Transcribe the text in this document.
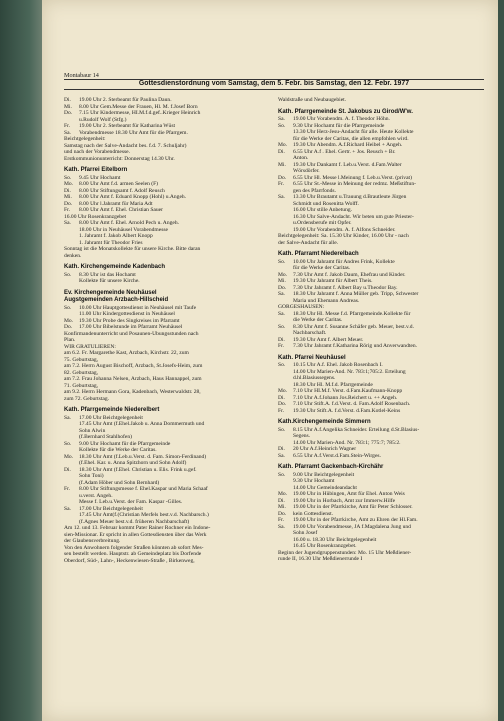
Montabaur 14
Gottesdienstordnung vom Samstag, dem 5. Febr. bis Samstag, den 12. Febr. 1977
Di.	19.00 Uhr 2. Sterbeamt für Paulina Daun.
Mi.	8.00 Uhr Gem.Messe der Frauen, Hl. M. f.Josef Born
Do.	7.15 Uhr Kindermesse, HI.M.f.d.gef..Krieger Heinrich
u.Rudolf Wolf (Stfg.)
Fr.	19.00 Uhr 2. Sterbeamt für Katharina Wüst
Sa.	Vorabendmesse 18.30 Uhr Amt für die Pfarrgem.
Beichtgelegenheit:
Samstag nach der Salve-Andacht bes. f.d. 7. Schuljahr)
und nach der Vorabendmesse.
Erstkommunionunterricht: Donnerstag 14.30 Uhr.
Kath. Pfarrei Eitelborn
So.	9.45 Uhr Hochamt
Mo.	8.00 Uhr Amt f.d. armen Seelen (F)
Di.	8.00 Uhr Stiftungsamt f. Adolf Reusch
Mi.	8.00 Uhr Amt f. Eduard Knopp (Hohl) u.Angeh.
Do.	8.00 Uhr l.Jahramt für Maria Adt
Fr.	8.00 Uhr Amt f. Ehel. Christian Sauer
16.00 Uhr Rosenkranzgebet
Sa.	8.00 Uhr Amt f. Ehel. Arnold Pech u. Angeh.
18.00 Uhr in Neuhäusel Vorabendmesse
1. Jahramt f. Jakob Albert Knopp
1. Jahramt für Theodor Fries
Sonntag ist die Monatskollekte für unsere Kirche. Bitte daran
denken.
Kath. Kirchengemeinde Kadenbach
So.	8.30 Uhr ist das Hochamt
Kollekte für unsere Kirche.
Ev. Kirchengemeinde Neuhäusel
Augstgemeinden Arzbach-Hillscheid
So.	10.00 Uhr Hauptgottesdienst in Neuhäusel mit Taufe
11.00 Uhr Kindergottesdienst in Neuhäusel
Mo.	19.30 Uhr Probe des Singkreises im Pfarramt
Do.	17.00 Uhr Bibelstunde im Pfarramt Neuhäusel
Konfirmandenunterricht und Posaunen-Übungsstunden nach
Plan.
WIR GRATULIEREN:
am 6.2. Fr. Margarethe Kast, Arzbach, Kirchstr. 22, zum
75. Geburtstag,
am 7.2. Herrn August Bischoff, Arzbach, St.Josefs-Heim, zum
82. Geburtstag,
am 7.2. Frau Johanna Nelsen, Arzbach, Haus Hannappel, zum
71. Geburtstag,
am 9.2. Herrn Hermann Gora, Kadenbach, Westerwaldstr. 28,
zum 72. Geburtstag.
Kath. Pfarrgemeinde Niederelbert
Sa.	17.00 Uhr Beichtgelegenheit
17.45 Uhr Amt (f.Ehel.Jakob u. Anna Dommermuth und
Sohn Alwin
(f.Bernhard Stahlhofen)
So.	9.00 Uhr Hochamt für die Pfarrgemeinde
Kollekte für die Werke der Caritas.
Mo.	18.30 Uhr Amt (f.Leb.u.Verst. d. Fam. Simon-Ferdinand)
(f.Ehel. Kar. u. Anna Spitzhorn und Sohn Adolf)
Di.	18.30 Uhr Amt (f.Ehel. Christian u. Elis. Frink u.gef.
Sohn Toni)
(f.Adam Höber und Sohn Bernhard)
Fr.	8.00 Uhr Stiftungsmesse f. Ehel.Kaspar und Maria Schaaf
u.verst. Angeh.
Messe f. Leb.u.Verst. der Fam. Kaspar -Gilles.
Sa.	17.00 Uhr Beichtgelegenheit
17.45 Uhr Amt(f.(Christian Merfels best.v.d. Nachbarsch.)
(f.Agnes Meuer best.v.d. früheren Nachbarschaft)
Am 12. und 13. Februar kommt Pater Rainer Rochner ein Indone-
sien-Missionar. Er spricht in allen Gottesdiensten über das Werk
der Glaubensverbreitung.
Von den Anwohnern folgender Straßen könnten ab sofort Mes-
sen bestellt werden. Hauptstr. ab Gemeindeplatz bis Dorfende
Oberdorf, Süd-, Lahn-, Heckenwiesen-Straße , Birkenweg,
Waldstraße und Neubaugebiet.
Kath. Pfarrgemeinde St. Jakobus zu Girod/W'w.
Sa.	19.00 Uhr Vorabendm. A. f. Theodor Höhn.
So.	9.30 Uhr Hochamt für die Pfarrgemeinde
13.30 Uhr Herz-Jesu-Andacht für alle. Heute Kollekte
für die Werke der Caritas, die allen empfohlen wird.
Mo.	19.30 Uhr Abendm. A.f.Richard Heibel + Angeh.
Di.	6.55 Uhr A.f . Ehel. Gertr. + Jos. Reusch + Br.
Anton.
Mi.	19.30 Uhr Dankamt f. Leb.u.Verst. d.Fam.Walter
Wörsdörfer.
Do.	6.55 Uhr Hl. Messe l.Meinung f. Leb.u.Verst. (privat)
Fr.	6.55 Uhr St.-Messe in Meinung der redmz. Meßstiftun-
gen des Pfarrfonds.
Sa.	13.30 Uhr Brautamt u.Trauung d.Brautleute Jürgen
Schmidt und Rosenitta Wolff.
16.00 Uhr stille Anbetung.
16.30 Uhr Salve-Andacht. Wir beten um gute Priester-
u.Ordensberufe mit Opfer.
19.00 Uhr Vorabendm. A. f. Alfons Schneider.
Beichtgelegenheit: Sa. 15.30 Uhr Kinder, 16.00 Uhr - nach
der Salve-Andacht für alle.
Kath. Pfarramt Niederelbach
So.	10.00 Uhr Jahramt für Andres Frink, Kollekte
für die Werke der Caritas.
Mo.	7.30 Uhr Amt f. Jakob Daum, Ehefrau und Kinder.
Mi.	19.30 Uhr Jahramt für Albert Theis.
Do.	7.30 Uhr Jahramt f. Albert Bay u.Theodor Bay.
Sa.	18.30 Uhr Jahramt f. Anna Müller geb. Tripp, Schwester
Maria und Ehemann Andreas.
GÖRGESHAUSEN:
Sa.	18.30 Uhr Hl. Messe f.d. Pfarrgemeinde.Kollekte für
die Werke der Caritas.
So.	8.30 Uhr Amt f. Susanne Schäfer geb. Meuer, best.v.d.
Nachbarschaft.
Di.	19.30 Uhr Amt f. Albert Meuer.
Fr.	7.30 Uhr Jahramt f.Katharina Rörig und Anverwandten.
Kath. Pfarrei Neuhäusel
So.	10.15 Uhr A.f. Ehel. Jakob Rosenbach I.
14.00 Uhr Marien-And. Nr. 783:1;705:2. Erteilung
d.hl.Blasiussegens.
18.30 Uhr Hl. M.f.d. Pfarrgemeinde
Mo.	7.10 Uhr HI.M.f. Verst. d.Fam.Kaufmann-Knopp
Di.	7.10 Uhr A.f.Johann Jos.Reichert u. ++ Angeh.
Do.	7.10 Uhr Stift.A. f.d.Verst. d. Fam.Adolf Rosenbach.
Fr.	19.30 Uhr Stift.A. f.d.Verst. d.Fam.Kotlel-Keins
Kath.Kirchengemeinde Simmern
So.	8.15 Uhr A.f.Angelika Schneider. Erteilung d.St.Blasius-
Segens.
14.00 Uhr Marien-And. Nr. 783:1; 775:7; 785:2.
Di.	20 Uhr A.f.Heinrich Wagner
Sa.	6.55 Uhr A.f.Verst.d.Fam.Stein-Wirges.
Kath. Pfarramt Gackenbach-Kirchähr
So.	9.00 Uhr Beichtgelegenheit
9.30 Uhr Hochamt
14.00 Uhr Gemeindeandacht
Mo.	19.00 Uhr in Hübingen, Amt für Ehel. Anton Weis
Di.	19.00 Uhr in Horbach, Amt zur Immerw.Hilfe
Mi.	19.00 Uhr in der Pfarrkirche, Amt für Peter Schlosser.
Do.	kein Gottesdienst.
Fr.	19.00 Uhr in der Pfarrkirche, Amt zu Ehren der Hl.Fam.
Sa.	19.00 Uhr Vorabendmesse, JA f.Magdalena Jung und
Sohn Josef
16.00 u. 18.30 Uhr Beichtgelegenheit
16.45 Uhr Rosenkranzgebet.
Beginn der Jugendgruppenstunden: Mo. 15 Uhr Meßdiener-
runde II, 16.30 Uhr Meßdienerrunde I
